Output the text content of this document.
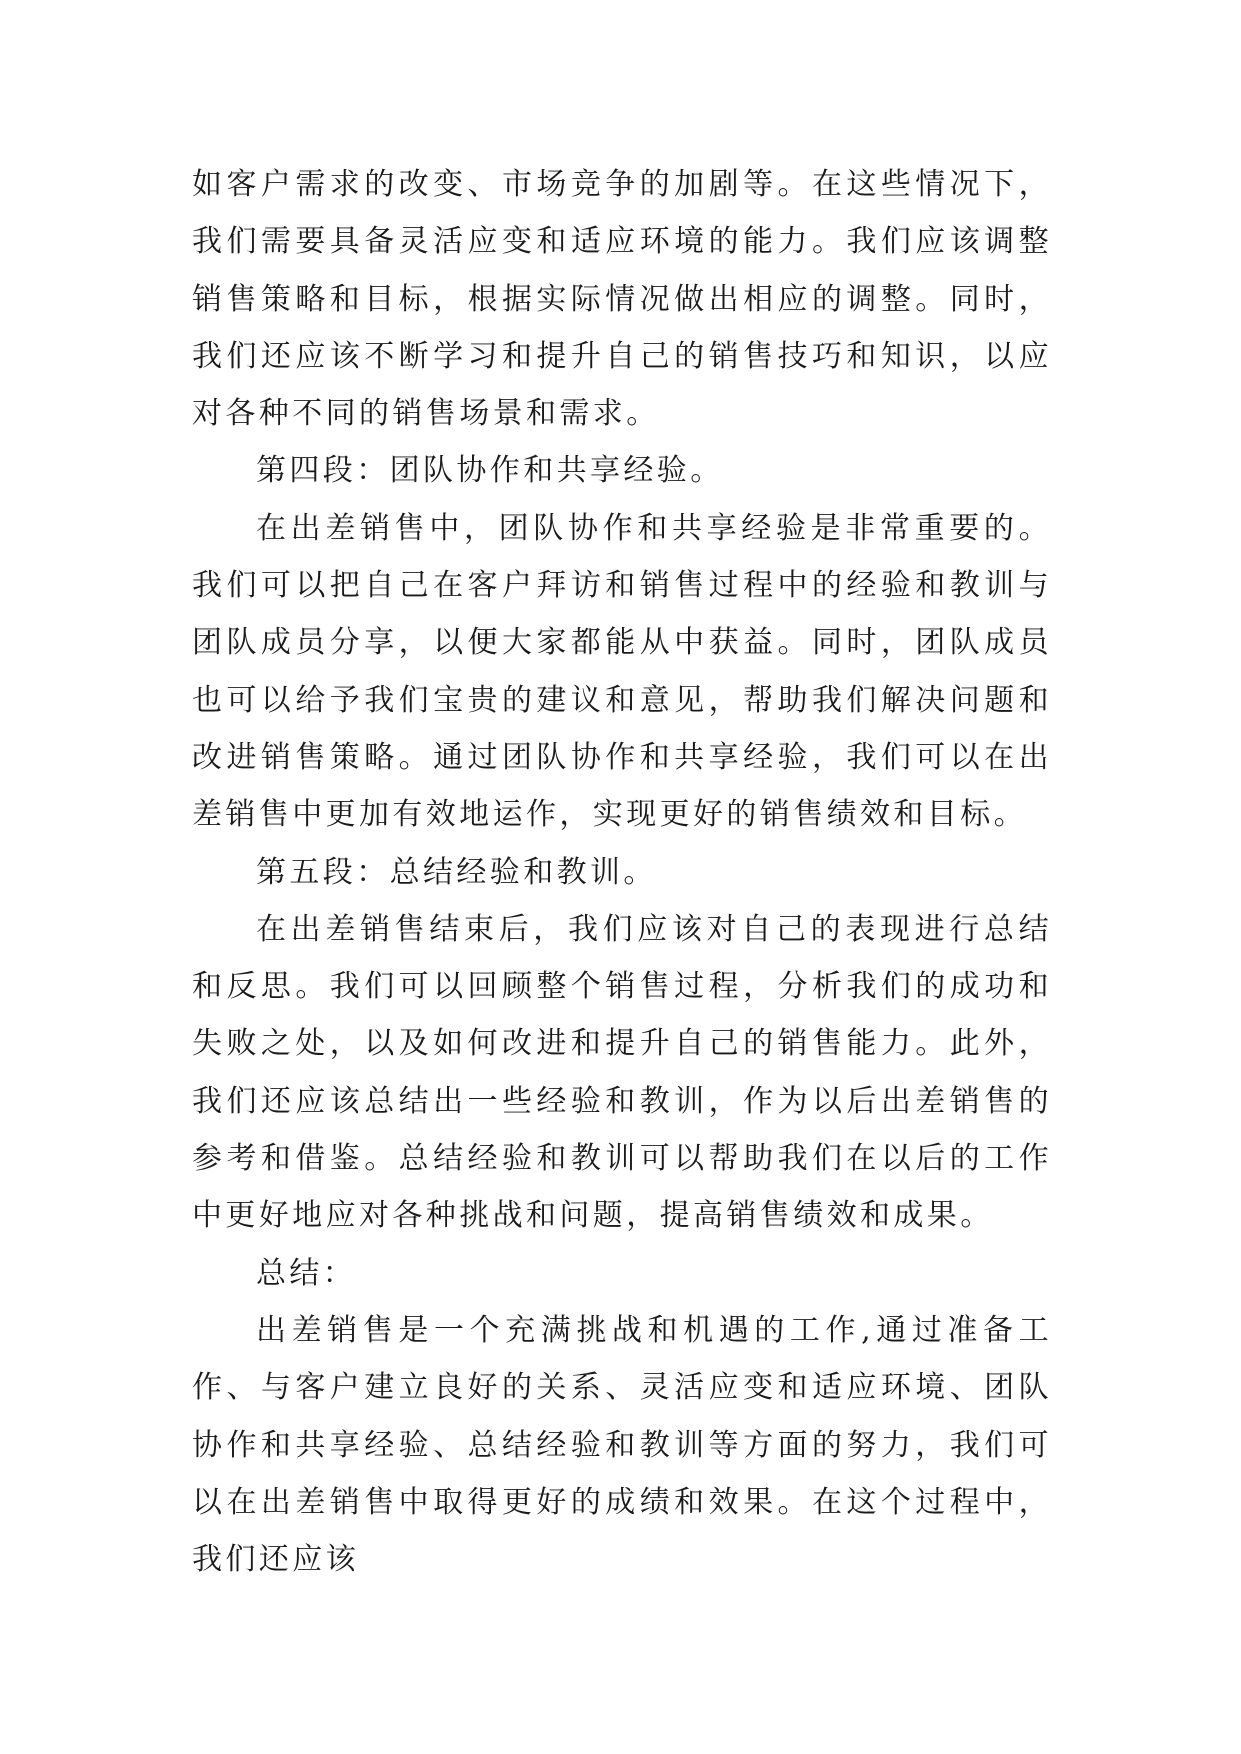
如客户需求的改变、市场竞争的加剧等。在这些情况下，我们需要具备灵活应变和适应环境的能力。我们应该调整销售策略和目标，根据实际情况做出相应的调整。同时，我们还应该不断学习和提升自己的销售技巧和知识，以应对各种不同的销售场景和需求。

第四段：团队协作和共享经验。

在出差销售中，团队协作和共享经验是非常重要的。我们可以把自己在客户拜访和销售过程中的经验和教训与团队成员分享，以便大家都能从中获益。同时，团队成员也可以给予我们宝贵的建议和意见，帮助我们解决问题和改进销售策略。通过团队协作和共享经验，我们可以在出差销售中更加有效地运作，实现更好的销售绩效和目标。

第五段：总结经验和教训。

在出差销售结束后，我们应该对自己的表现进行总结和反思。我们可以回顾整个销售过程，分析我们的成功和失败之处，以及如何改进和提升自己的销售能力。此外，我们还应该总结出一些经验和教训，作为以后出差销售的参考和借鉴。总结经验和教训可以帮助我们在以后的工作中更好地应对各种挑战和问题，提高销售绩效和成果。

总结：

出差销售是一个充满挑战和机遇的工作,通过准备工作、与客户建立良好的关系、灵活应变和适应环境、团队协作和共享经验、总结经验和教训等方面的努力，我们可以在出差销售中取得更好的成绩和效果。在这个过程中，我们还应该
